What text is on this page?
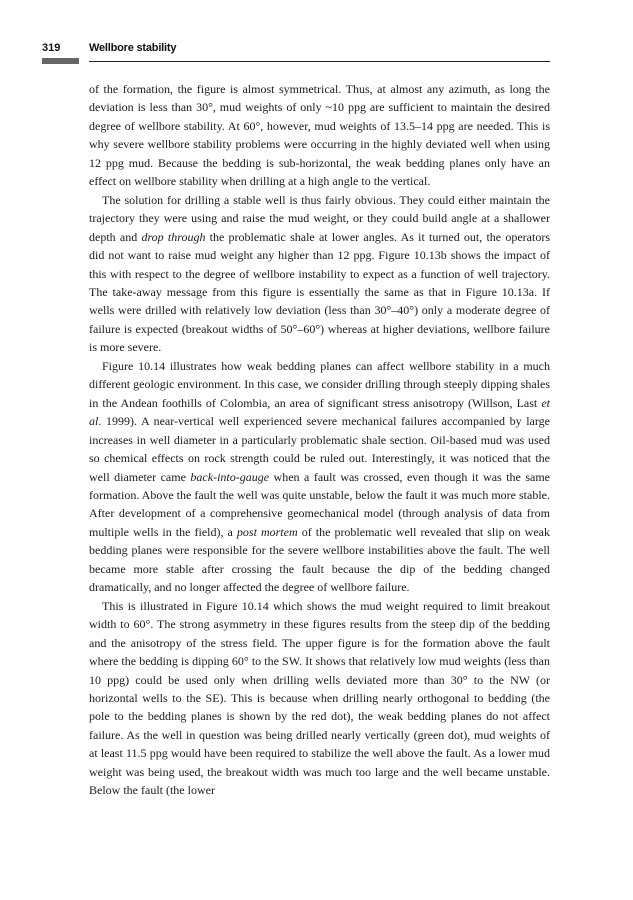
319	Wellbore stability

of the formation, the figure is almost symmetrical. Thus, at almost any azimuth, as long the deviation is less than 30°, mud weights of only ~10 ppg are sufficient to maintain the desired degree of wellbore stability. At 60°, however, mud weights of 13.5–14 ppg are needed. This is why severe wellbore stability problems were occurring in the highly deviated well when using 12 ppg mud. Because the bedding is sub-horizontal, the weak bedding planes only have an effect on wellbore stability when drilling at a high angle to the vertical.

The solution for drilling a stable well is thus fairly obvious. They could either maintain the trajectory they were using and raise the mud weight, or they could build angle at a shallower depth and drop through the problematic shale at lower angles. As it turned out, the operators did not want to raise mud weight any higher than 12 ppg. Figure 10.13b shows the impact of this with respect to the degree of wellbore instability to expect as a function of well trajectory. The take-away message from this figure is essentially the same as that in Figure 10.13a. If wells were drilled with relatively low deviation (less than 30°–40°) only a moderate degree of failure is expected (breakout widths of 50°–60°) whereas at higher deviations, wellbore failure is more severe.

Figure 10.14 illustrates how weak bedding planes can affect wellbore stability in a much different geologic environment. In this case, we consider drilling through steeply dipping shales in the Andean foothills of Colombia, an area of significant stress anisotropy (Willson, Last et al. 1999). A near-vertical well experienced severe mechanical failures accompanied by large increases in well diameter in a particularly problematic shale section. Oil-based mud was used so chemical effects on rock strength could be ruled out. Interestingly, it was noticed that the well diameter came back-into-gauge when a fault was crossed, even though it was the same formation. Above the fault the well was quite unstable, below the fault it was much more stable. After development of a comprehensive geomechanical model (through analysis of data from multiple wells in the field), a post mortem of the problematic well revealed that slip on weak bedding planes were responsible for the severe wellbore instabilities above the fault. The well became more stable after crossing the fault because the dip of the bedding changed dramatically, and no longer affected the degree of wellbore failure.

This is illustrated in Figure 10.14 which shows the mud weight required to limit breakout width to 60°. The strong asymmetry in these figures results from the steep dip of the bedding and the anisotropy of the stress field. The upper figure is for the formation above the fault where the bedding is dipping 60° to the SW. It shows that relatively low mud weights (less than 10 ppg) could be used only when drilling wells deviated more than 30° to the NW (or horizontal wells to the SE). This is because when drilling nearly orthogonal to bedding (the pole to the bedding planes is shown by the red dot), the weak bedding planes do not affect failure. As the well in question was being drilled nearly vertically (green dot), mud weights of at least 11.5 ppg would have been required to stabilize the well above the fault. As a lower mud weight was being used, the breakout width was much too large and the well became unstable. Below the fault (the lower
